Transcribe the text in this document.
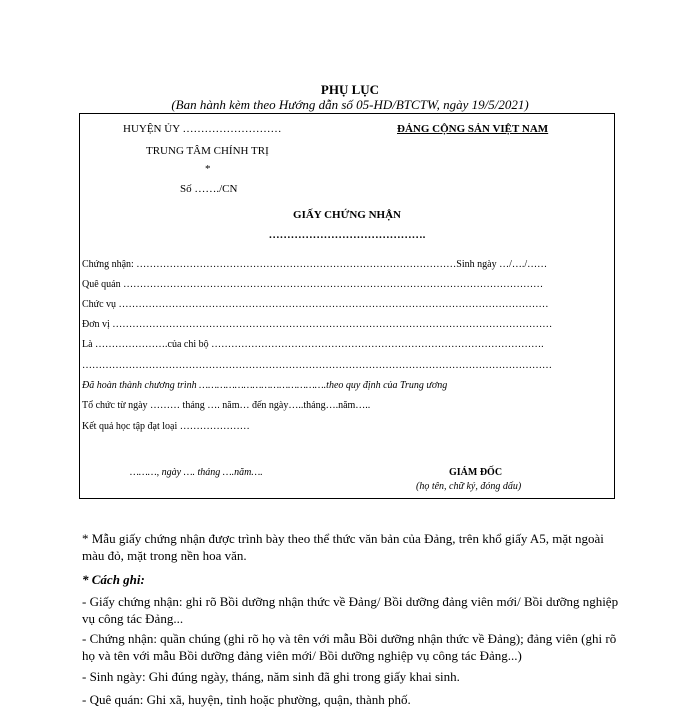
PHỤ LỤC
(Ban hành kèm theo Hướng dẫn số 05-HD/BTCTW, ngày 19/5/2021)
HUYỆN ỦY ………………………	ĐẢNG CỘNG SẢN VIỆT NAM
TRUNG TÂM CHÍNH TRỊ
*
Số ……./CN
GIẤY CHỨNG NHẬN
…………………………………….
Chứng nhận: ……………………………………………………………………………………Sinh ngày …/…./……
Quê quán ………………………………………………………………………………………………………………
Chức vụ …………………………………………………………………………………………………………………
Đơn vị ……………………………………………………………………………………………………………………
Là ………………….của chi bộ ……………………………………………………………………………………….
……………………………………………………………………………………………………………………………
Đã hoàn thành chương trình …………………………………….theo quy định của Trung ương
Tổ chức từ ngày ……… tháng …. năm… đến ngày…..tháng….năm…..
Kết quả học tập đạt loại …………………
………, ngày …. tháng ….năm….	GIÁM ĐỐC
(họ tên, chữ ký, đóng dấu)
* Mẫu giấy chứng nhận được trình bày theo thể thức văn bản của Đảng, trên khổ giấy A5, mặt ngoài màu đỏ, mặt trong nền hoa văn.
* Cách ghi:
- Giấy chứng nhận: ghi rõ Bồi dưỡng nhận thức về Đảng/ Bồi dưỡng đảng viên mới/ Bồi dưỡng nghiệp vụ công tác Đảng...
- Chứng nhận: quần chúng (ghi rõ họ và tên với mẫu Bồi dưỡng nhận thức về Đảng); đảng viên (ghi rõ họ và tên với mẫu Bồi dưỡng đảng viên mới/ Bồi dưỡng nghiệp vụ công tác Đảng...)
- Sinh ngày: Ghi đúng ngày, tháng, năm sinh đã ghi trong giấy khai sinh.
- Quê quán: Ghi xã, huyện, tỉnh hoặc phường, quận, thành phố.
